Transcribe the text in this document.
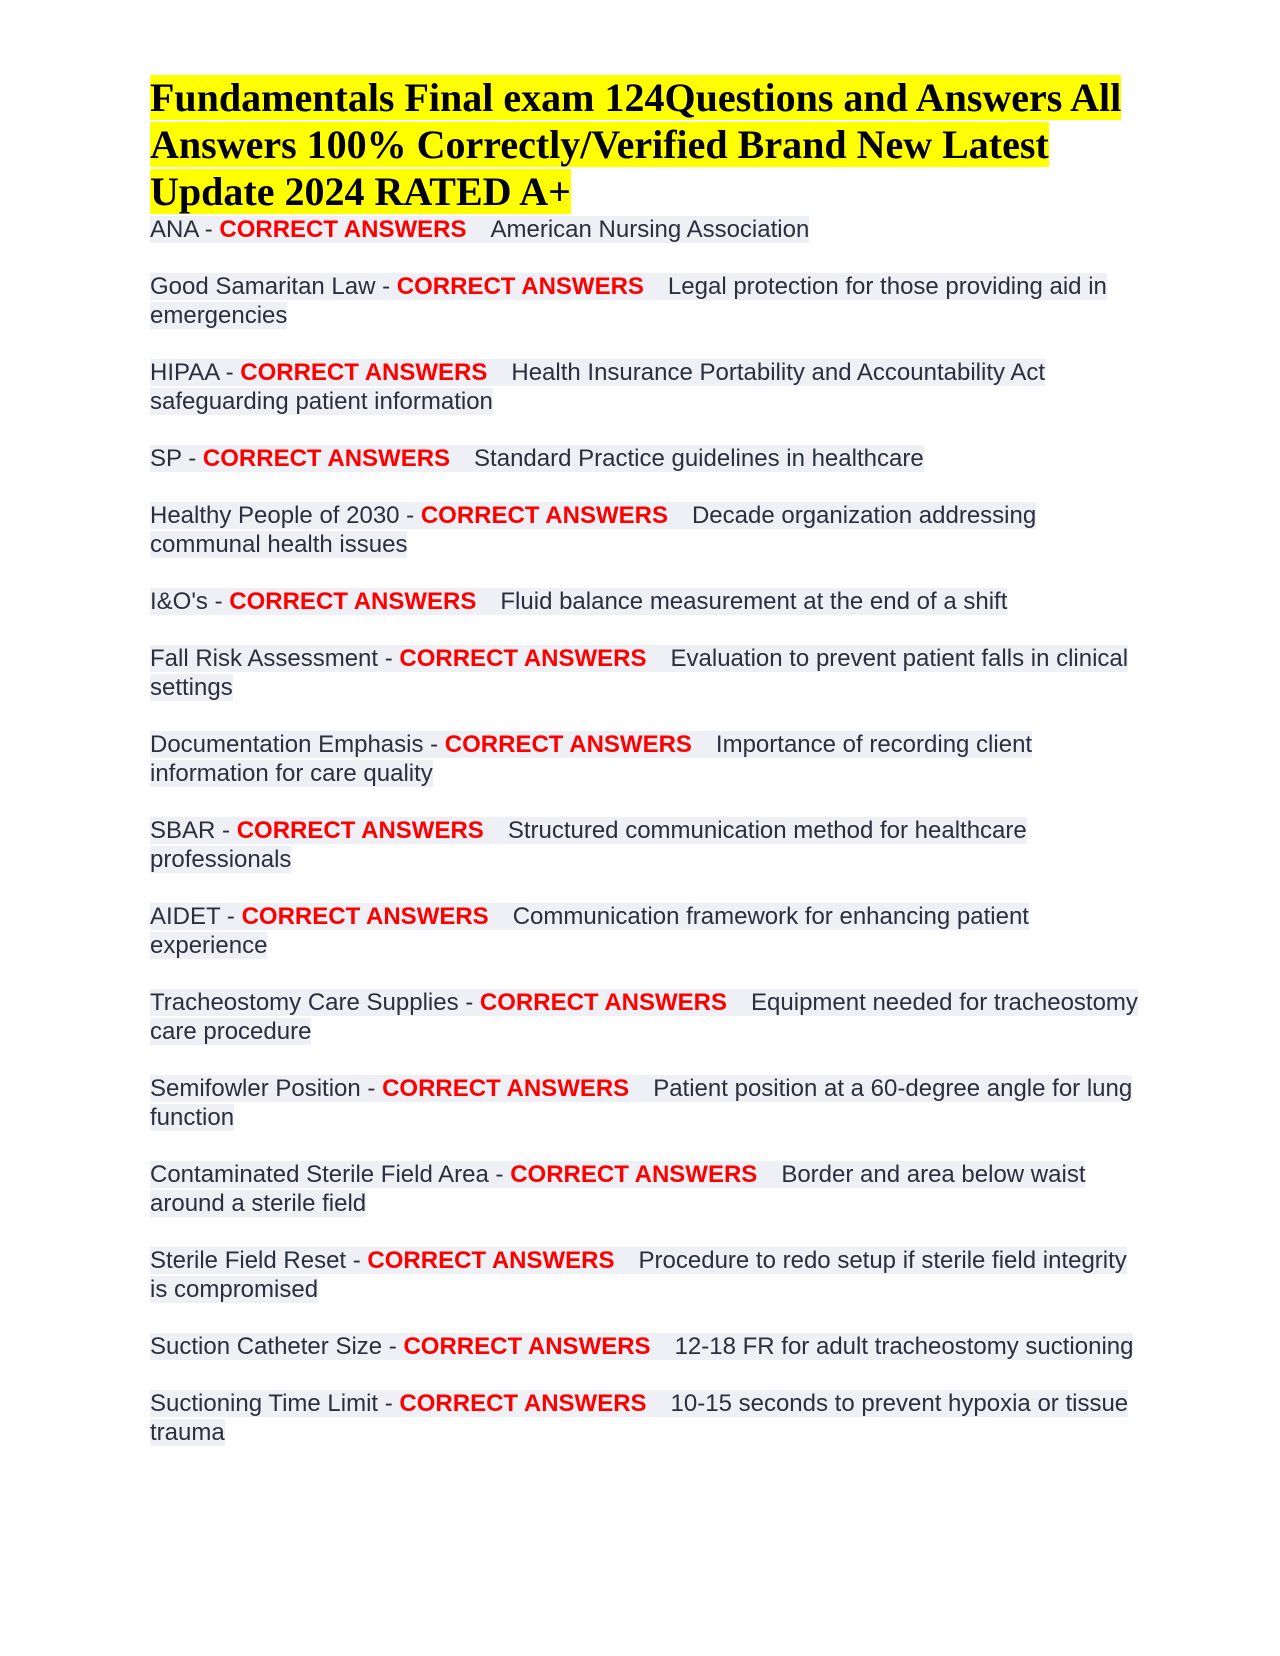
Fundamentals Final exam 124Questions and Answers All Answers 100% Correctly/Verified Brand New Latest Update 2024 RATED A+
ANA - CORRECT ANSWERS American Nursing Association
Good Samaritan Law - CORRECT ANSWERS Legal protection for those providing aid in emergencies
HIPAA - CORRECT ANSWERS Health Insurance Portability and Accountability Act safeguarding patient information
SP - CORRECT ANSWERS Standard Practice guidelines in healthcare
Healthy People of 2030 - CORRECT ANSWERS Decade organization addressing communal health issues
I&O's - CORRECT ANSWERS Fluid balance measurement at the end of a shift
Fall Risk Assessment - CORRECT ANSWERS Evaluation to prevent patient falls in clinical settings
Documentation Emphasis - CORRECT ANSWERS Importance of recording client information for care quality
SBAR - CORRECT ANSWERS Structured communication method for healthcare professionals
AIDET - CORRECT ANSWERS Communication framework for enhancing patient experience
Tracheostomy Care Supplies - CORRECT ANSWERS Equipment needed for tracheostomy care procedure
Semifowler Position - CORRECT ANSWERS Patient position at a 60-degree angle for lung function
Contaminated Sterile Field Area - CORRECT ANSWERS Border and area below waist around a sterile field
Sterile Field Reset - CORRECT ANSWERS Procedure to redo setup if sterile field integrity is compromised
Suction Catheter Size - CORRECT ANSWERS 12-18 FR for adult tracheostomy suctioning
Suctioning Time Limit - CORRECT ANSWERS 10-15 seconds to prevent hypoxia or tissue trauma
